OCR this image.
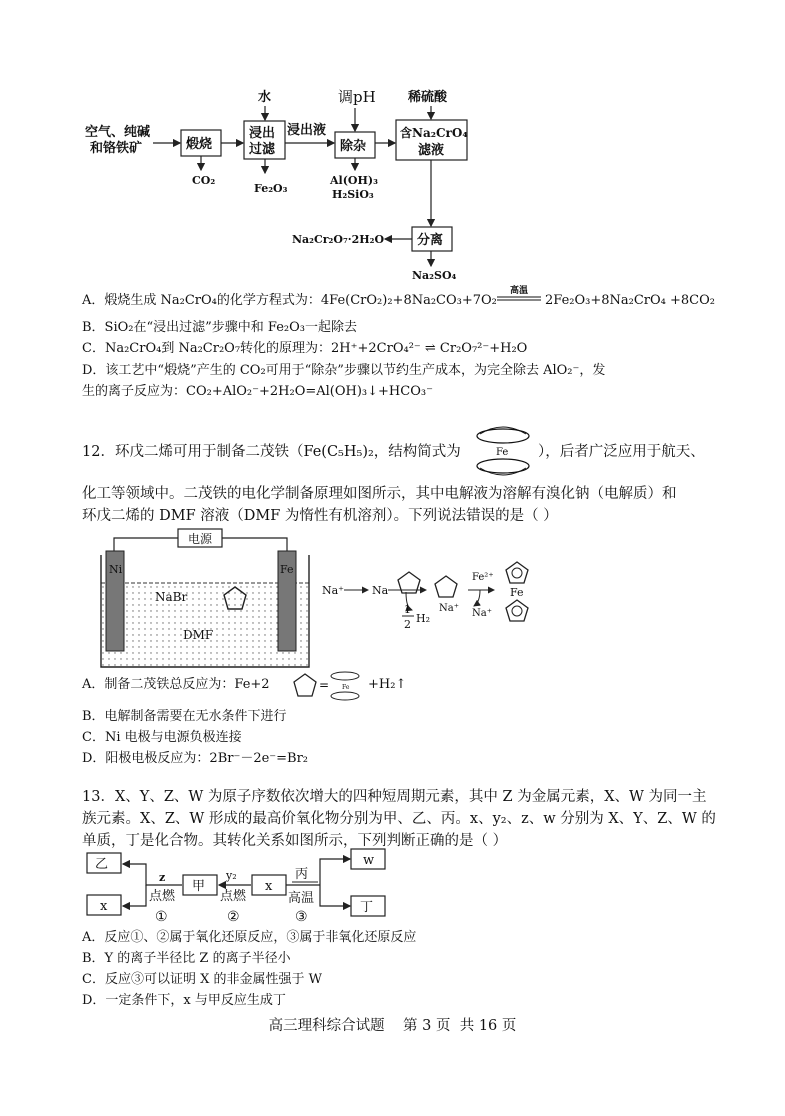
空气、纯碱
和铬铁矿	煅烧
CO₂
水
浸出
过滤
Fe₂O₃
浸出液
调pH
除杂
Al(OH)₃
H₂SiO₃
稀硫酸
含Na₂CrO₄
滤液
分离
Na₂Cr₂O₇·2H₂O
Na₂SO₄
A．煅烧生成 Na₂CrO₄的化学方程式为：4Fe(CrO₂)₂+8Na₂CO₃+7O₂
高温
2Fe₂O₃+8Na₂CrO₄ +8CO₂
B．SiO₂在“浸出过滤”步骤中和 Fe₂O₃一起除去
C．Na₂CrO₄到 Na₂Cr₂O₇转化的原理为：2H⁺+2CrO₄²⁻ ⇌ Cr₂O₇²⁻+H₂O
D．该工艺中“煅烧”产生的 CO₂可用于“除杂”步骤以节约生产成本，为完全除去 AlO₂⁻，发
生的离子反应为：CO₂+AlO₂⁻+2H₂O=Al(OH)₃↓+HCO₃⁻
12．环戊二烯可用于制备二茂铁（Fe(C₅H₅)₂，结构简式为	Fe ），后者广泛应用于航天、
化工等领域中。二茂铁的电化学制备原理如图所示，其中电解液为溶解有溴化钠（电解质）和
环戊二烯的 DMF 溶液（DMF 为惰性有机溶剂）。下列说法错误的是（ ）
电源
Ni	Fe
NaBr
DMF
Na⁺	Na
1
2 H₂
Na⁺
Fe²⁺
Na⁺
Fe
A．制备二茂铁总反应为：Fe+2	= Fe +H₂↑
B．电解制备需要在无水条件下进行
C．Ni 电极与电源负极连接
D．阳极电极反应为：2Br⁻－2e⁻=Br₂
13．X、Y、Z、W 为原子序数依次增大的四种短周期元素，其中 Z 为金属元素，X、W 为同一主
族元素。X、Z、W 形成的最高价氧化物分别为甲、乙、丙。x、y₂、z、w 分别为 X、Y、Z、W 的
单质，丁是化合物。其转化关系如图所示，下列判断正确的是（ ）
乙
x
z
点燃
①
甲
y₂
点燃
②
x
丙
高温
③
w
丁
A．反应①、②属于氧化还原反应，③属于非氧化还原反应
B．Y 的离子半径比 Z 的离子半径小
C．反应③可以证明 X 的非金属性强于 W
D．一定条件下，x 与甲反应生成丁
高三理科综合试题    第 3 页  共 16 页
